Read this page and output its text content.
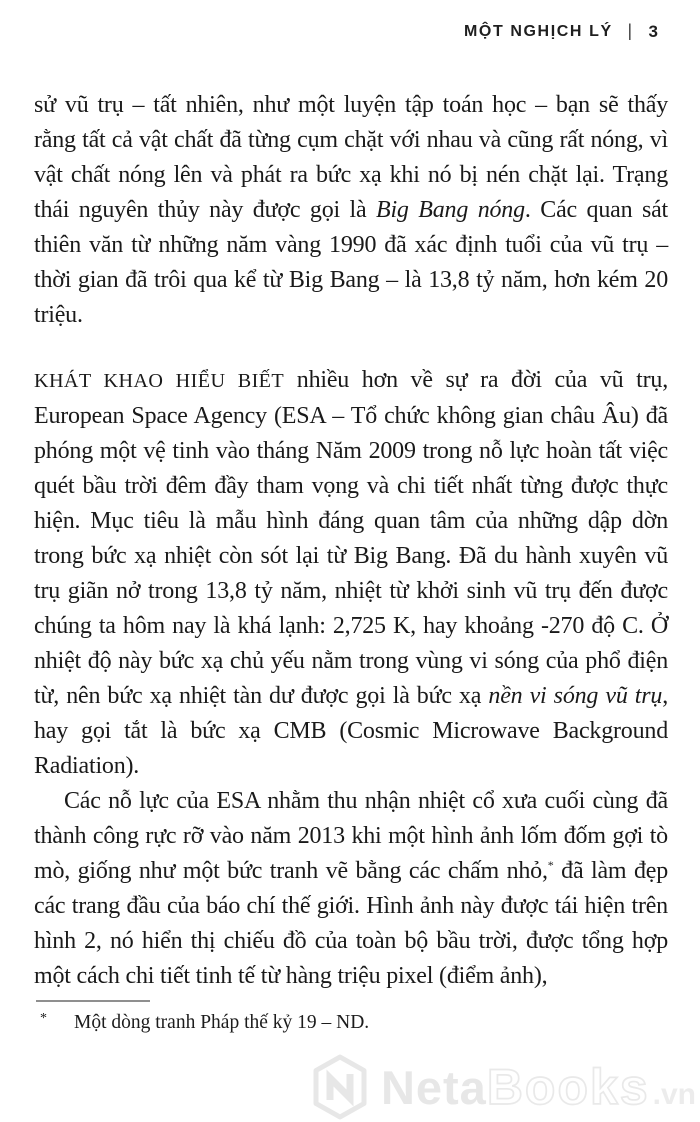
MỘT NGHỊCH LÝ | 3

sử vũ trụ – tất nhiên, như một luyện tập toán học – bạn sẽ thấy rằng tất cả vật chất đã từng cụm chặt với nhau và cũng rất nóng, vì vật chất nóng lên và phát ra bức xạ khi nó bị nén chặt lại. Trạng thái nguyên thủy này được gọi là Big Bang nóng. Các quan sát thiên văn từ những năm vàng 1990 đã xác định tuổi của vũ trụ – thời gian đã trôi qua kể từ Big Bang – là 13,8 tỷ năm, hơn kém 20 triệu.

KHÁT KHAO HIỂU BIẾT nhiều hơn về sự ra đời của vũ trụ, European Space Agency (ESA – Tổ chức không gian châu Âu) đã phóng một vệ tinh vào tháng Năm 2009 trong nỗ lực hoàn tất việc quét bầu trời đêm đầy tham vọng và chi tiết nhất từng được thực hiện. Mục tiêu là mẫu hình đáng quan tâm của những dập dờn trong bức xạ nhiệt còn sót lại từ Big Bang. Đã du hành xuyên vũ trụ giãn nở trong 13,8 tỷ năm, nhiệt từ khởi sinh vũ trụ đến được chúng ta hôm nay là khá lạnh: 2,725 K, hay khoảng -270 độ C. Ở nhiệt độ này bức xạ chủ yếu nằm trong vùng vi sóng của phổ điện từ, nên bức xạ nhiệt tàn dư được gọi là bức xạ nền vi sóng vũ trụ, hay gọi tắt là bức xạ CMB (Cosmic Microwave Background Radiation).

Các nỗ lực của ESA nhằm thu nhận nhiệt cổ xưa cuối cùng đã thành công rực rỡ vào năm 2013 khi một hình ảnh lốm đốm gợi tò mò, giống như một bức tranh vẽ bằng các chấm nhỏ,* đã làm đẹp các trang đầu của báo chí thế giới. Hình ảnh này được tái hiện trên hình 2, nó hiển thị chiếu đồ của toàn bộ bầu trời, được tổng hợp một cách chi tiết tinh tế từ hàng triệu pixel (điểm ảnh),

*	Một dòng tranh Pháp thế kỷ 19 – ND.
Neta Books .vn
